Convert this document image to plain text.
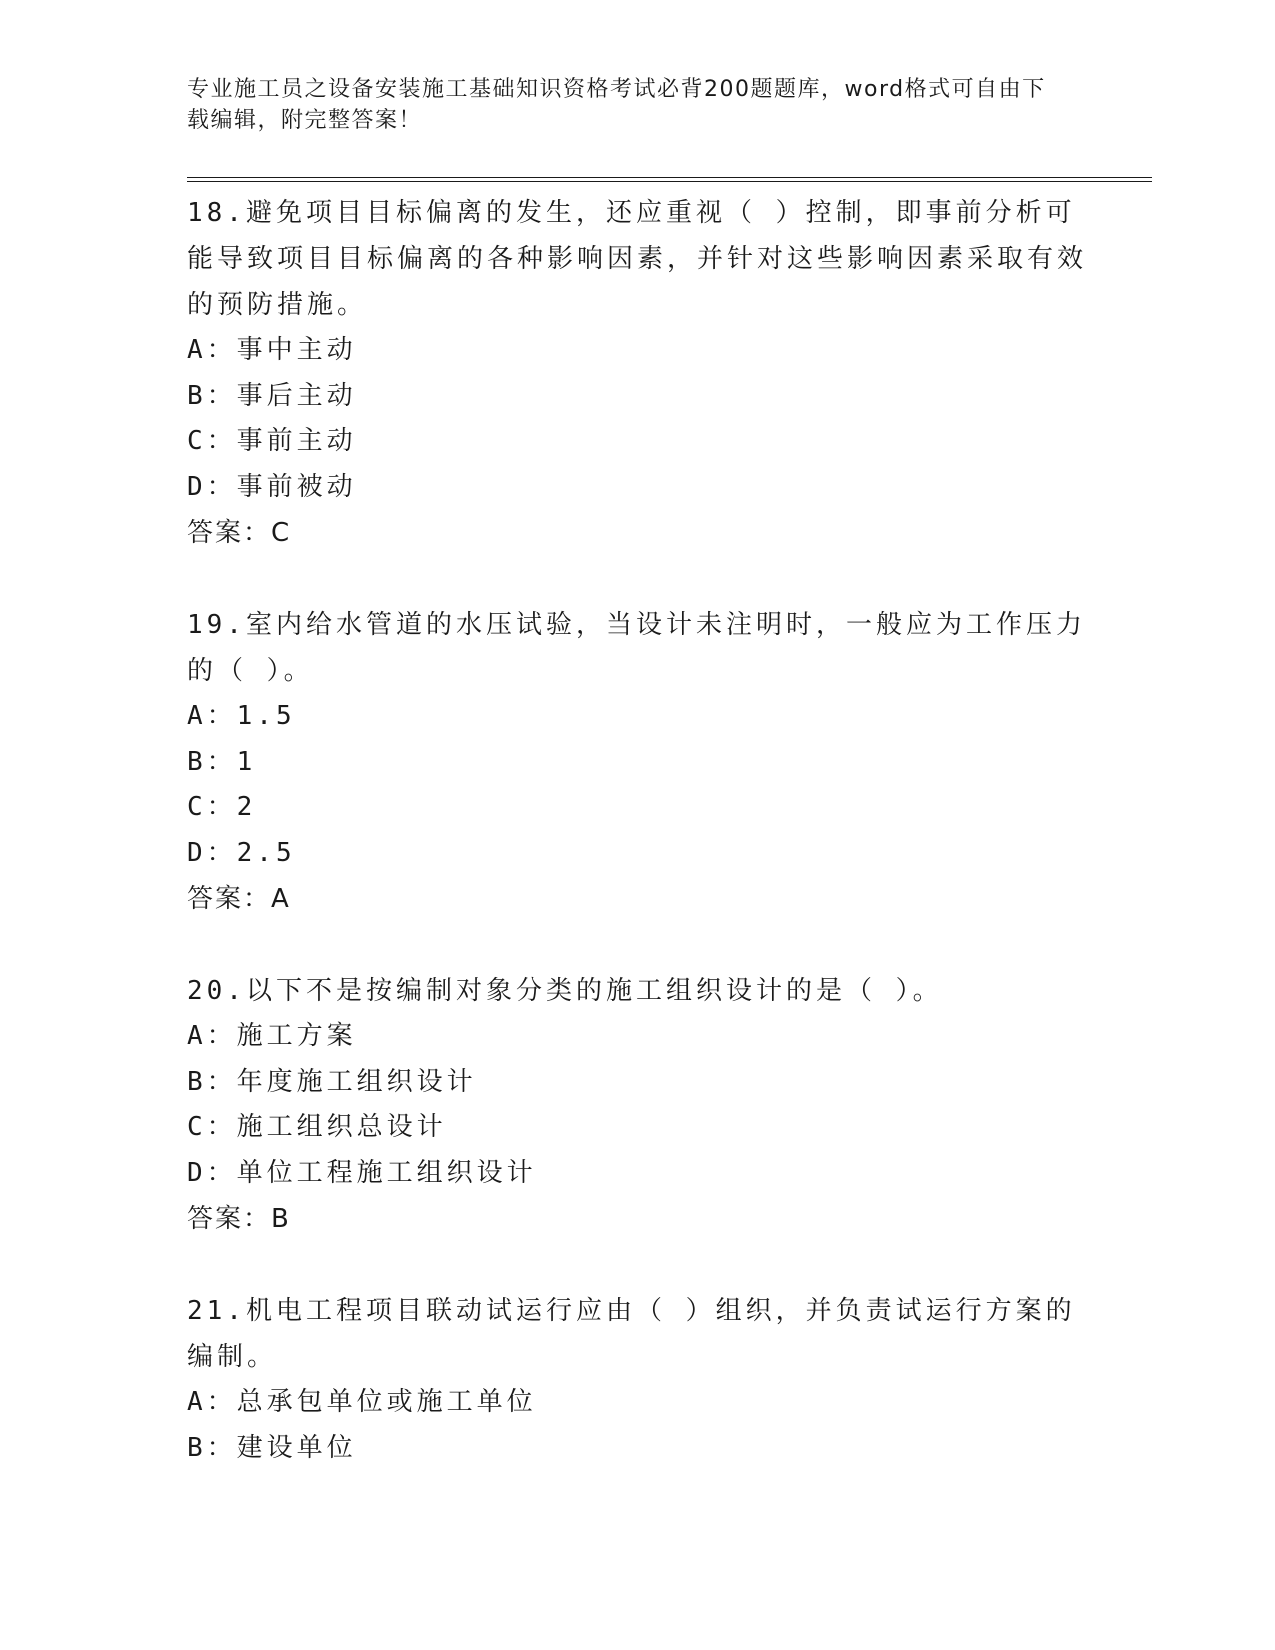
专业施工员之设备安装施工基础知识资格考试必背200题题库，word格式可自由下载编辑，附完整答案！

18.避免项目目标偏离的发生，还应重视（ ）控制，即事前分析可能导致项目目标偏离的各种影响因素，并针对这些影响因素采取有效的预防措施。

A：事中主动

B：事后主动

C：事前主动

D：事前被动

答案：C

19.室内给水管道的水压试验，当设计未注明时，一般应为工作压力的（ ）。

A：1.5

B：1

C：2

D：2.5

答案：A

20.以下不是按编制对象分类的施工组织设计的是（ ）。

A：施工方案

B：年度施工组织设计

C：施工组织总设计

D：单位工程施工组织设计

答案：B

21.机电工程项目联动试运行应由（ ）组织，并负责试运行方案的编制。

A：总承包单位或施工单位

B：建设单位
